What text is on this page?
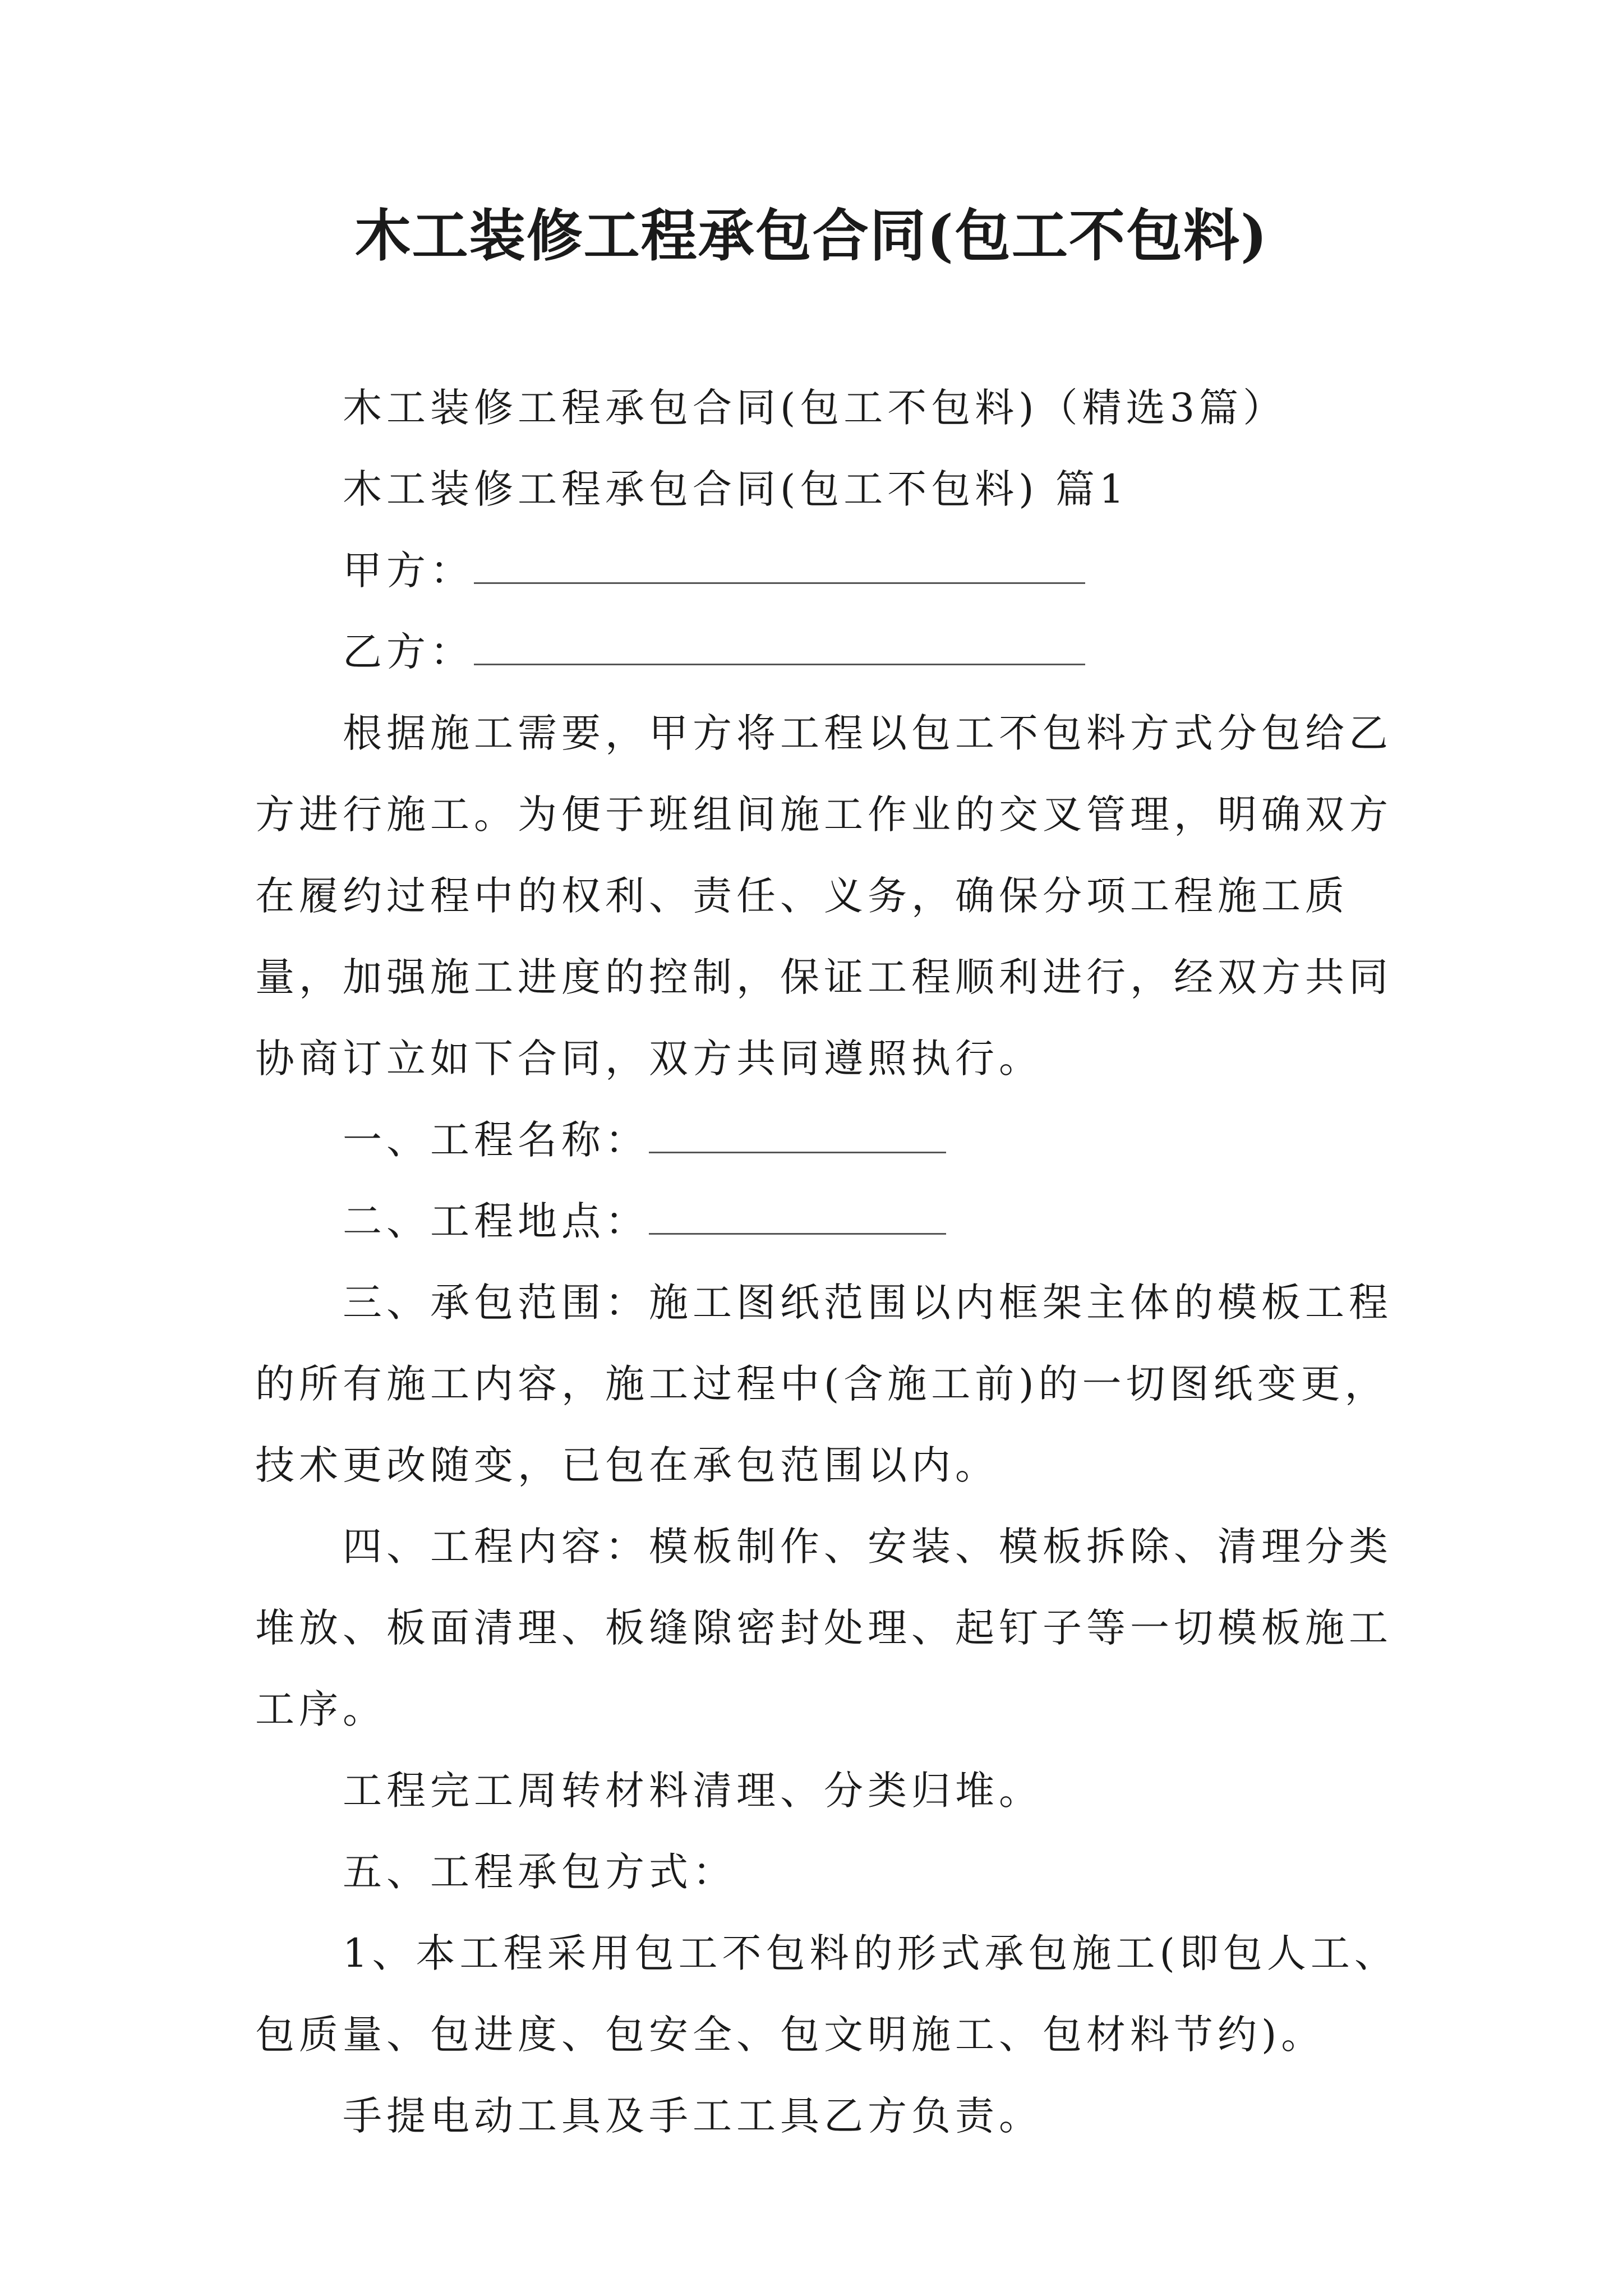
木工装修工程承包合同(包工不包料)

木工装修工程承包合同(包工不包料)（精选3篇）

木工装修工程承包合同(包工不包料) 篇1

甲方：

乙方：

根据施工需要，甲方将工程以包工不包料方式分包给乙方进行施工。为便于班组间施工作业的交叉管理，明确双方在履约过程中的权利、责任、义务，确保分项工程施工质量，加强施工进度的控制，保证工程顺利进行，经双方共同协商订立如下合同，双方共同遵照执行。

一、工程名称：

二、工程地点：

三、承包范围：施工图纸范围以内框架主体的模板工程的所有施工内容，施工过程中(含施工前)的一切图纸变更，技术更改随变，已包在承包范围以内。

四、工程内容：模板制作、安装、模板拆除、清理分类堆放、板面清理、板缝隙密封处理、起钉子等一切模板施工工序。

工程完工周转材料清理、分类归堆。

五、工程承包方式：

1、本工程采用包工不包料的形式承包施工(即包人工、包质量、包进度、包安全、包文明施工、包材料节约)。

手提电动工具及手工工具乙方负责。
